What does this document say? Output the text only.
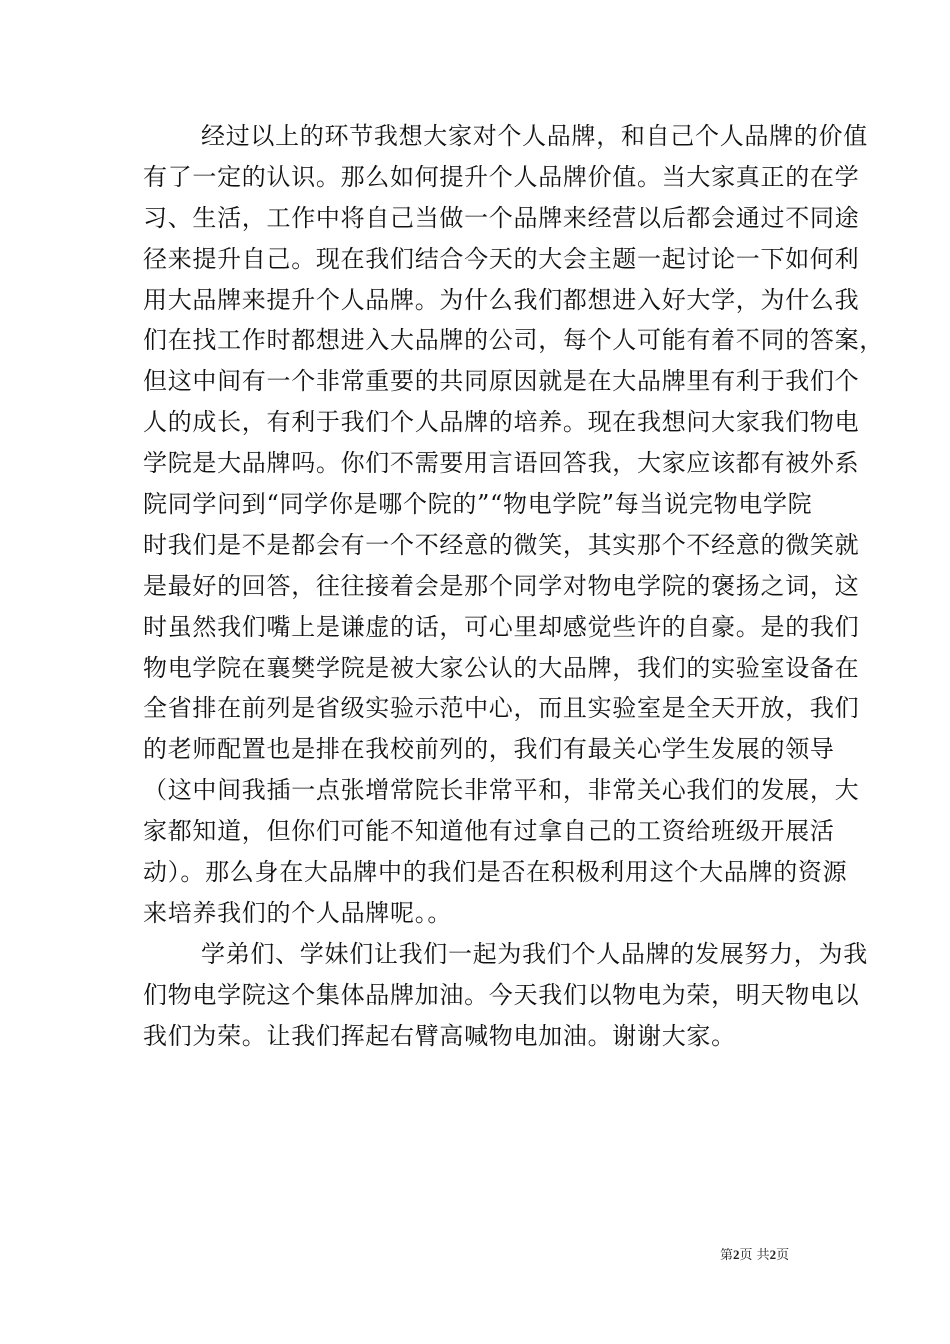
经过以上的环节我想大家对个人品牌，和自己个人品牌的价值
有了一定的认识。那么如何提升个人品牌价值。当大家真正的在学
习、生活，工作中将自己当做一个品牌来经营以后都会通过不同途
径来提升自己。现在我们结合今天的大会主题一起讨论一下如何利
用大品牌来提升个人品牌。为什么我们都想进入好大学，为什么我
们在找工作时都想进入大品牌的公司，每个人可能有着不同的答案，
但这中间有一个非常重要的共同原因就是在大品牌里有利于我们个
人的成长，有利于我们个人品牌的培养。现在我想问大家我们物电
学院是大品牌吗。你们不需要用言语回答我，大家应该都有被外系
院同学问到“同学你是哪个院的”“物电学院”每当说完物电学院
时我们是不是都会有一个不经意的微笑，其实那个不经意的微笑就
是最好的回答，往往接着会是那个同学对物电学院的褒扬之词，这
时虽然我们嘴上是谦虚的话，可心里却感觉些许的自豪。是的我们
物电学院在襄樊学院是被大家公认的大品牌，我们的实验室设备在
全省排在前列是省级实验示范中心，而且实验室是全天开放，我们
的老师配置也是排在我校前列的，我们有最关心学生发展的领导
（这中间我插一点张增常院长非常平和，非常关心我们的发展，大
家都知道，但你们可能不知道他有过拿自己的工资给班级开展活
动）。那么身在大品牌中的我们是否在积极利用这个大品牌的资源
来培养我们的个人品牌呢。。
学弟们、学妹们让我们一起为我们个人品牌的发展努力，为我
们物电学院这个集体品牌加油。今天我们以物电为荣，明天物电以
我们为荣。让我们挥起右臂高喊物电加油。谢谢大家。
第2页 共2页
